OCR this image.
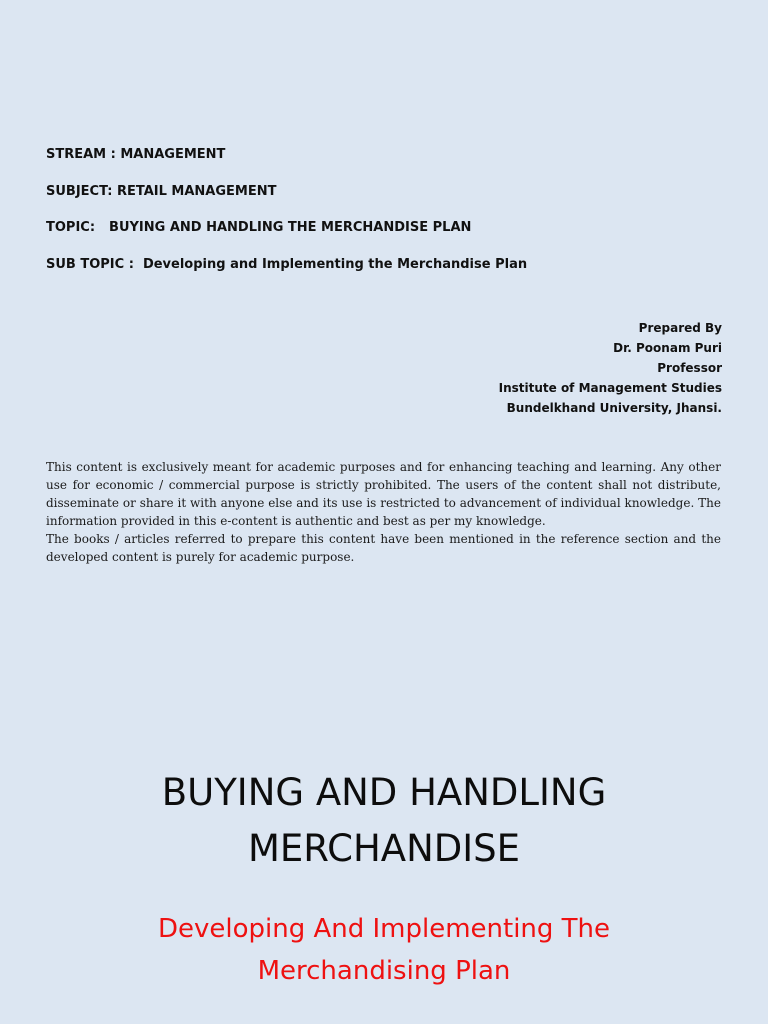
STREAM : MANAGEMENT
SUBJECT: RETAIL MANAGEMENT
TOPIC: BUYING AND HANDLING THE MERCHANDISE PLAN
SUB TOPIC :  Developing and Implementing the Merchandise Plan
Prepared By
Dr. Poonam Puri
Professor
Institute of Management Studies
Bundelkhand University, Jhansi.

This content is exclusively meant for academic purposes and for enhancing teaching and learning. Any other use for economic / commercial purpose is strictly prohibited. The users of the content shall not distribute, disseminate or share it with anyone else and its use is restricted to advancement of individual knowledge. The information provided in this e-content is authentic and best as per my knowledge.

The books / articles referred to prepare this content have been mentioned in the reference section and the developed content is purely for academic purpose.

BUYING AND HANDLING
MERCHANDISE
Developing And Implementing The
Merchandising Plan
